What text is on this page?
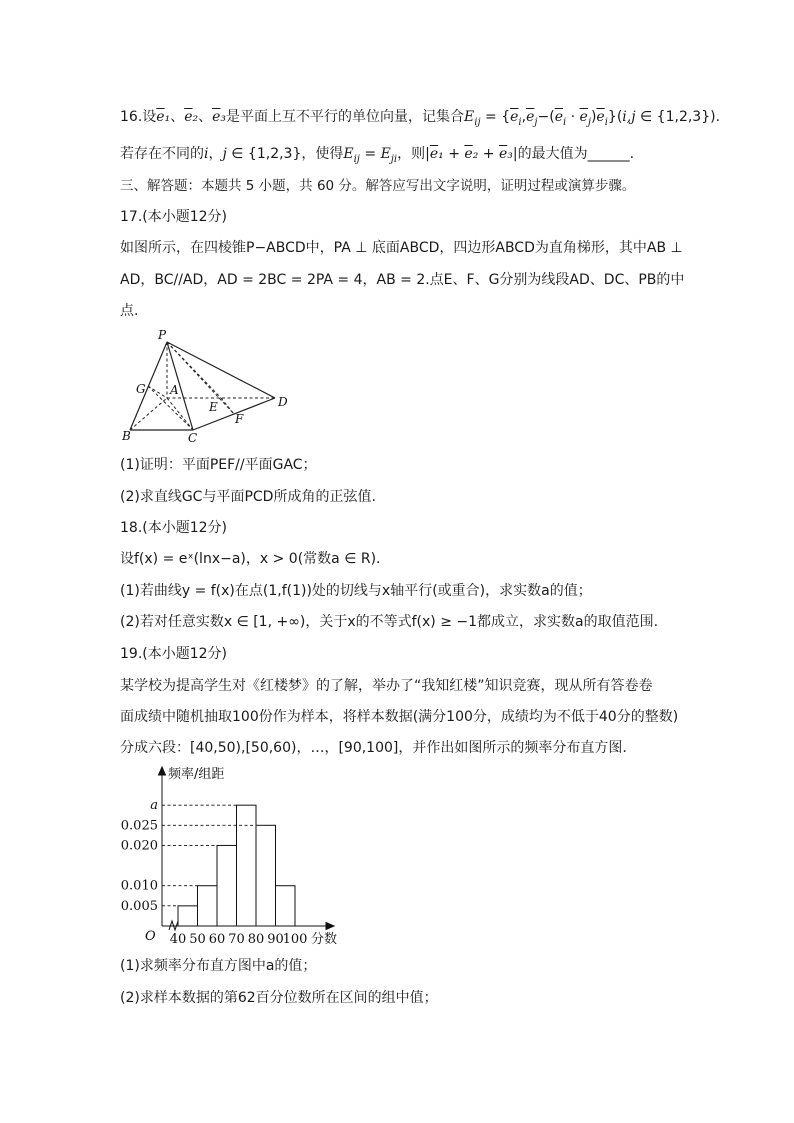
16.设$\overline{e}_1$、$\overline{e}_2$、$\overline{e}_3$是平面上互不平行的单位向量，记集合$E_{ij} = \{\overline{e}_i,\overline{e}_j-(\overline{e}_i \cdot \overline{e}_j)\overline{e}_i\}(i,j$ ∈ {1,2,3}).
若存在不同的i，j ∈ {1,2,3}，使得$E_{ij} = E_{ji}$，则$|\overline{e}_1 + \overline{e}_2 + \overline{e}_3|$的最大值为______.
三、解答题：本题共 5 小题，共 60 分。解答应写出文字说明，证明过程或演算步骤。
17.(本小题12分)
如图所示，在四棱锥P−ABCD中，PA ⊥ 底面ABCD，四边形ABCD为直角梯形，其中AB ⊥
AD，BC//AD，AD = 2BC = 2PA = 4，AB = 2.点E、F、G分别为线段AD、DC、PB的中
点.
P
G A
E	D
F
B	C
(1)证明：平面PEF//平面GAC；
(2)求直线GC与平面PCD所成角的正弦值.
18.(本小题12分)
设f(x) = eˣ(lnx−a)，x > 0(常数a ∈ R).
(1)若曲线y = f(x)在点(1,f(1))处的切线与x轴平行(或重合)，求实数a的值；
(2)若对任意实数x ∈ [1, +∞)，关于x的不等式f(x) ≥ −1都成立，求实数a的取值范围.
19.(本小题12分)
某学校为提高学生对《红楼梦》的了解，举办了“我知红楼”知识竞赛，现从所有答卷卷
面成绩中随机抽取100份作为样本，将样本数据(满分100分，成绩均为不低于40分的整数)
分成六段：[40,50),[50,60)，…，[90,100]，并作出如图所示的频率分布直方图.
频率/组距
分数
O
a
0.025
0.020
0.010
0.005
40 50 60 70 80 90
100
(1)求频率分布直方图中a的值；
(2)求样本数据的第62百分位数所在区间的组中值；
